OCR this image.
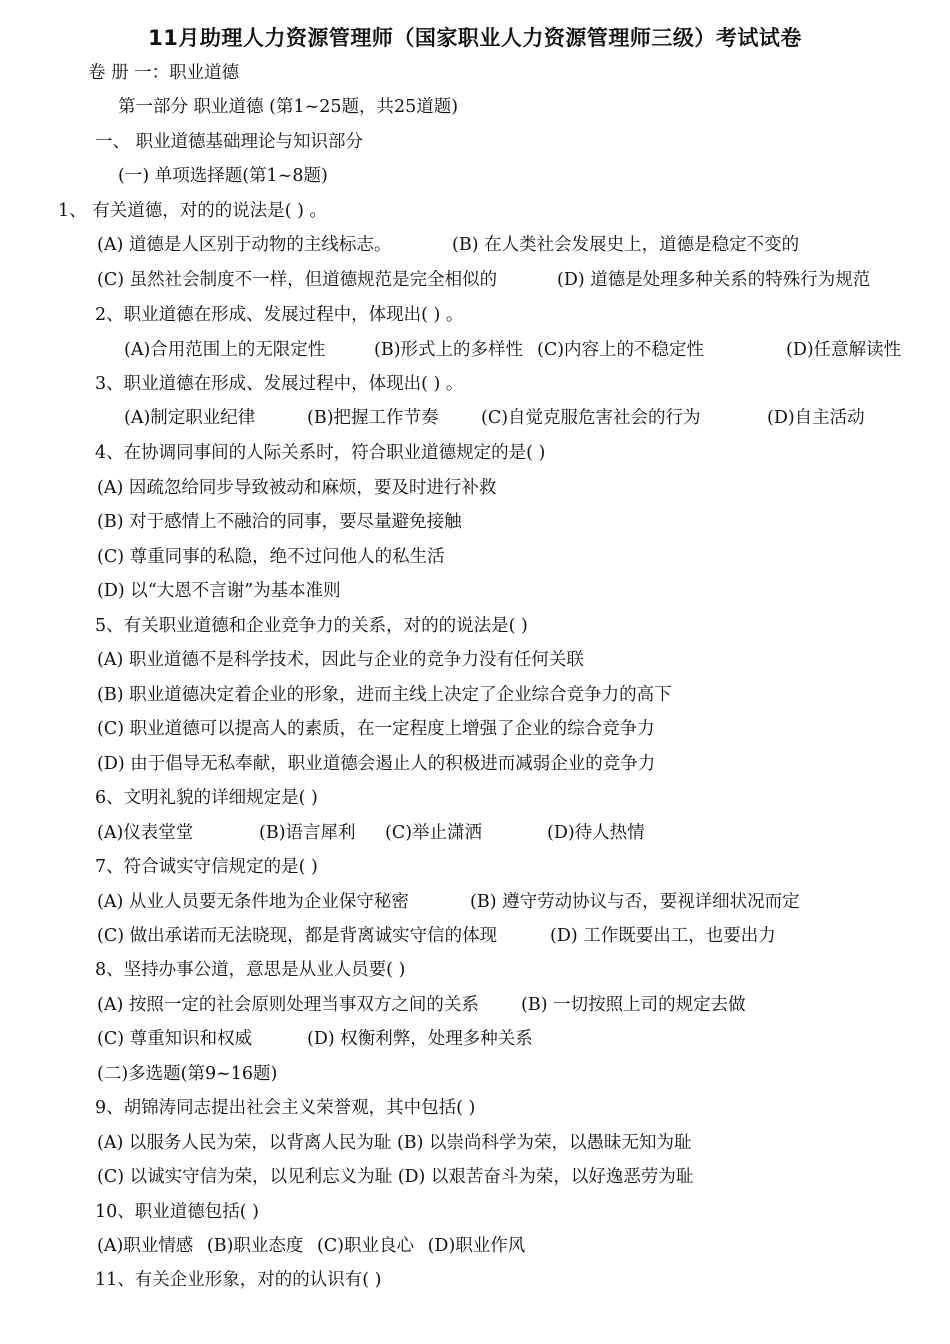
11月助理人力资源管理师（国家职业人力资源管理师三级）考试试卷
卷 册 一：职业道德
第一部分 职业道德 (第1~25题，共25道题)
一、 职业道德基础理论与知识部分
(一) 单项选择题(第1~8题)
1、 有关道德，对的的说法是( ) 。
(A) 道德是人区别于动物的主线标志。	(B) 在人类社会发展史上，道德是稳定不变的
(C) 虽然社会制度不一样，但道德规范是完全相似的	(D) 道德是处理多种关系的特殊行为规范
2、职业道德在形成、发展过程中，体现出( ) 。
(A)合用范围上的无限定性	(B)形式上的多样性 (C)内容上的不稳定性	(D)任意解读性
3、职业道德在形成、发展过程中，体现出( ) 。
(A)制定职业纪律	(B)把握工作节奏 (C)自觉克服危害社会的行为	(D)自主活动
4、在协调同事间的人际关系时，符合职业道德规定的是( )
(A) 因疏忽给同步导致被动和麻烦，要及时进行补救
(B) 对于感情上不融洽的同事，要尽量避免接触
(C) 尊重同事的私隐，绝不过问他人的私生活
(D) 以“大恩不言谢”为基本准则
5、有关职业道德和企业竞争力的关系，对的的说法是( )
(A) 职业道德不是科学技术，因此与企业的竞争力没有任何关联
(B) 职业道德决定着企业的形象，进而主线上决定了企业综合竞争力的高下
(C) 职业道德可以提高人的素质，在一定程度上增强了企业的综合竞争力
(D) 由于倡导无私奉献，职业道德会遏止人的积极进而减弱企业的竞争力
6、文明礼貌的详细规定是( )
(A)仪表堂堂	(B)语言犀利 (C)举止潇洒	(D)待人热情
7、符合诚实守信规定的是( )
(A) 从业人员要无条件地为企业保守秘密	(B) 遵守劳动协议与否，要视详细状况而定
(C) 做出承诺而无法晓现，都是背离诚实守信的体现	(D) 工作既要出工，也要出力
8、坚持办事公道，意思是从业人员要( )
(A) 按照一定的社会原则处理当事双方之间的关系 (B) 一切按照上司的规定去做
(C) 尊重知识和权威	(D) 权衡利弊，处理多种关系
(二)多选题(第9~16题)
9、胡锦涛同志提出社会主义荣誉观，其中包括( )
(A) 以服务人民为荣，以背离人民为耻 (B) 以崇尚科学为荣，以愚昧无知为耻
(C) 以诚实守信为荣，以见利忘义为耻 (D) 以艰苦奋斗为荣，以好逸恶劳为耻
10、职业道德包括( )
(A)职业情感 (B)职业态度 (C)职业良心 (D)职业作风
11、有关企业形象，对的的认识有( )
